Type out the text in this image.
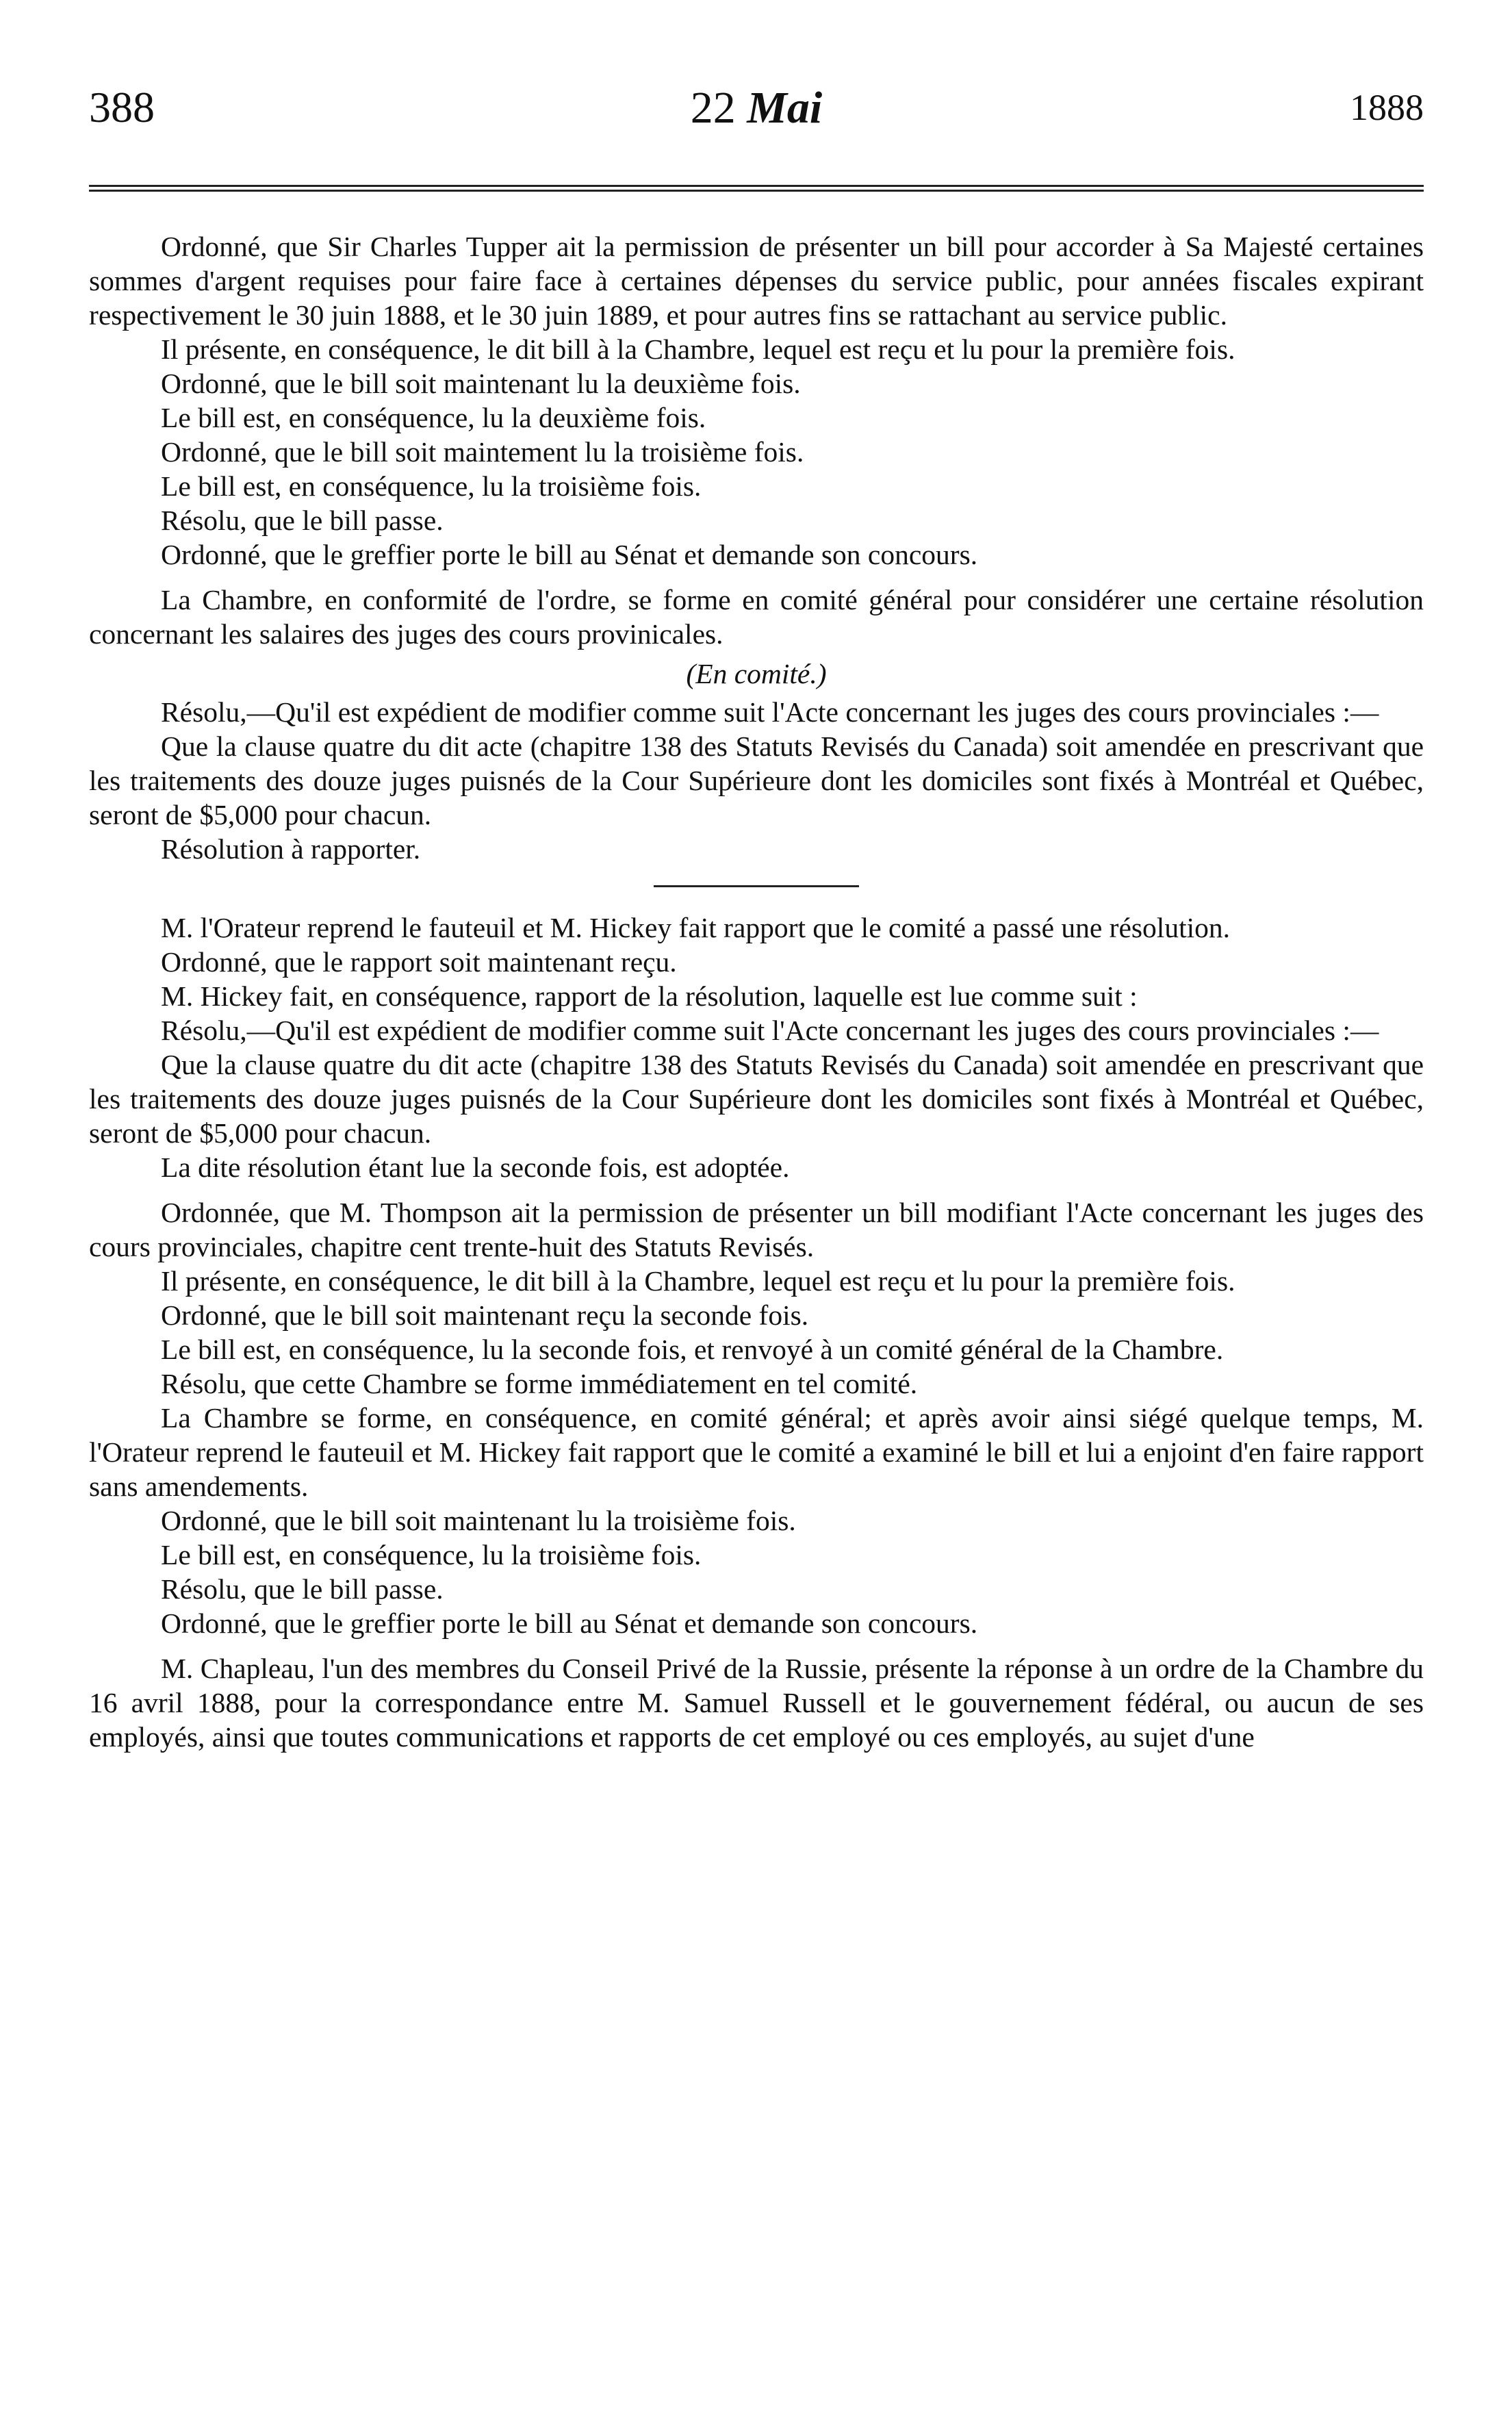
388	22 Mai	1888

Ordonné, que Sir Charles Tupper ait la permission de présenter un bill pour accorder à Sa Majesté certaines sommes d'argent requises pour faire face à certaines dépenses du service public, pour années fiscales expirant respectivement le 30 juin 1888, et le 30 juin 1889, et pour autres fins se rattachant au service public.

Il présente, en conséquence, le dit bill à la Chambre, lequel est reçu et lu pour la première fois.

Ordonné, que le bill soit maintenant lu la deuxième fois.

Le bill est, en conséquence, lu la deuxième fois.

Ordonné, que le bill soit maintement lu la troisième fois.

Le bill est, en conséquence, lu la troisième fois.

Résolu, que le bill passe.

Ordonné, que le greffier porte le bill au Sénat et demande son concours.

La Chambre, en conformité de l'ordre, se forme en comité général pour considérer une certaine résolution concernant les salaires des juges des cours provinicales.

(En comité.)

Résolu,—Qu'il est expédient de modifier comme suit l'Acte concernant les juges des cours provinciales :—

Que la clause quatre du dit acte (chapitre 138 des Statuts Revisés du Canada) soit amendée en prescrivant que les traitements des douze juges puisnés de la Cour Supérieure dont les domiciles sont fixés à Montréal et Québec, seront de $5,000 pour chacun.

Résolution à rapporter.

M. l'Orateur reprend le fauteuil et M. Hickey fait rapport que le comité a passé une résolution.

Ordonné, que le rapport soit maintenant reçu.

M. Hickey fait, en conséquence, rapport de la résolution, laquelle est lue comme suit :

Résolu,—Qu'il est expédient de modifier comme suit l'Acte concernant les juges des cours provinciales :—

Que la clause quatre du dit acte (chapitre 138 des Statuts Revisés du Canada) soit amendée en prescrivant que les traitements des douze juges puisnés de la Cour Supérieure dont les domiciles sont fixés à Montréal et Québec, seront de $5,000 pour chacun.

La dite résolution étant lue la seconde fois, est adoptée.

Ordonnée, que M. Thompson ait la permission de présenter un bill modifiant l'Acte concernant les juges des cours provinciales, chapitre cent trente-huit des Statuts Revisés.

Il présente, en conséquence, le dit bill à la Chambre, lequel est reçu et lu pour la première fois.

Ordonné, que le bill soit maintenant reçu la seconde fois.

Le bill est, en conséquence, lu la seconde fois, et renvoyé à un comité général de la Chambre.

Résolu, que cette Chambre se forme immédiatement en tel comité.

La Chambre se forme, en conséquence, en comité général; et après avoir ainsi siégé quelque temps, M. l'Orateur reprend le fauteuil et M. Hickey fait rapport que le comité a examiné le bill et lui a enjoint d'en faire rapport sans amendements.

Ordonné, que le bill soit maintenant lu la troisième fois.

Le bill est, en conséquence, lu la troisième fois.

Résolu, que le bill passe.

Ordonné, que le greffier porte le bill au Sénat et demande son concours.

M. Chapleau, l'un des membres du Conseil Privé de la Russie, présente la réponse à un ordre de la Chambre du 16 avril 1888, pour la correspondance entre M. Samuel Russell et le gouvernement fédéral, ou aucun de ses employés, ainsi que toutes communications et rapports de cet employé ou ces employés, au sujet d'une
